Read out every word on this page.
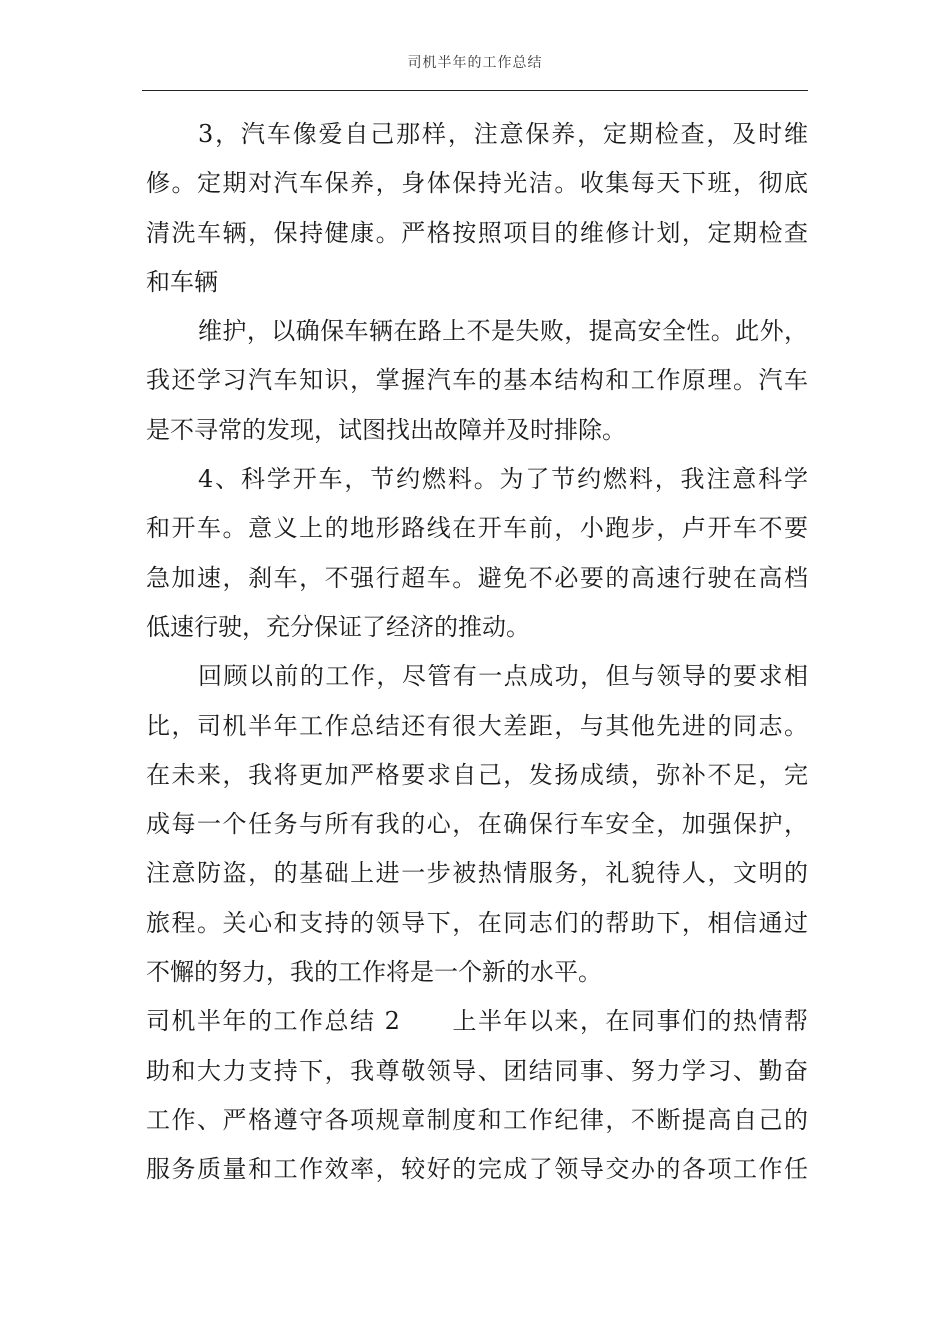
司机半年的工作总结
3，汽车像爱自己那样，注意保养，定期检查，及时维
修。定期对汽车保养，身体保持光洁。收集每天下班，彻底
清洗车辆，保持健康。严格按照项目的维修计划，定期检查
和车辆
维护，以确保车辆在路上不是失败，提高安全性。此外，
我还学习汽车知识，掌握汽车的基本结构和工作原理。汽车
是不寻常的发现，试图找出故障并及时排除。
4、科学开车，节约燃料。为了节约燃料，我注意科学
和开车。意义上的地形路线在开车前，小跑步，卢开车不要
急加速，刹车，不强行超车。避免不必要的高速行驶在高档
低速行驶，充分保证了经济的推动。
回顾以前的工作，尽管有一点成功，但与领导的要求相
比，司机半年工作总结还有很大差距，与其他先进的同志。
在未来，我将更加严格要求自己，发扬成绩，弥补不足，完
成每一个任务与所有我的心，在确保行车安全，加强保护，
注意防盗，的基础上进一步被热情服务，礼貌待人，文明的
旅程。关心和支持的领导下，在同志们的帮助下，相信通过
不懈的努力，我的工作将是一个新的水平。
司机半年的工作总结 2　　上半年以来，在同事们的热情帮
助和大力支持下，我尊敬领导、团结同事、努力学习、勤奋
工作、严格遵守各项规章制度和工作纪律，不断提高自己的
服务质量和工作效率，较好的完成了领导交办的各项工作任
